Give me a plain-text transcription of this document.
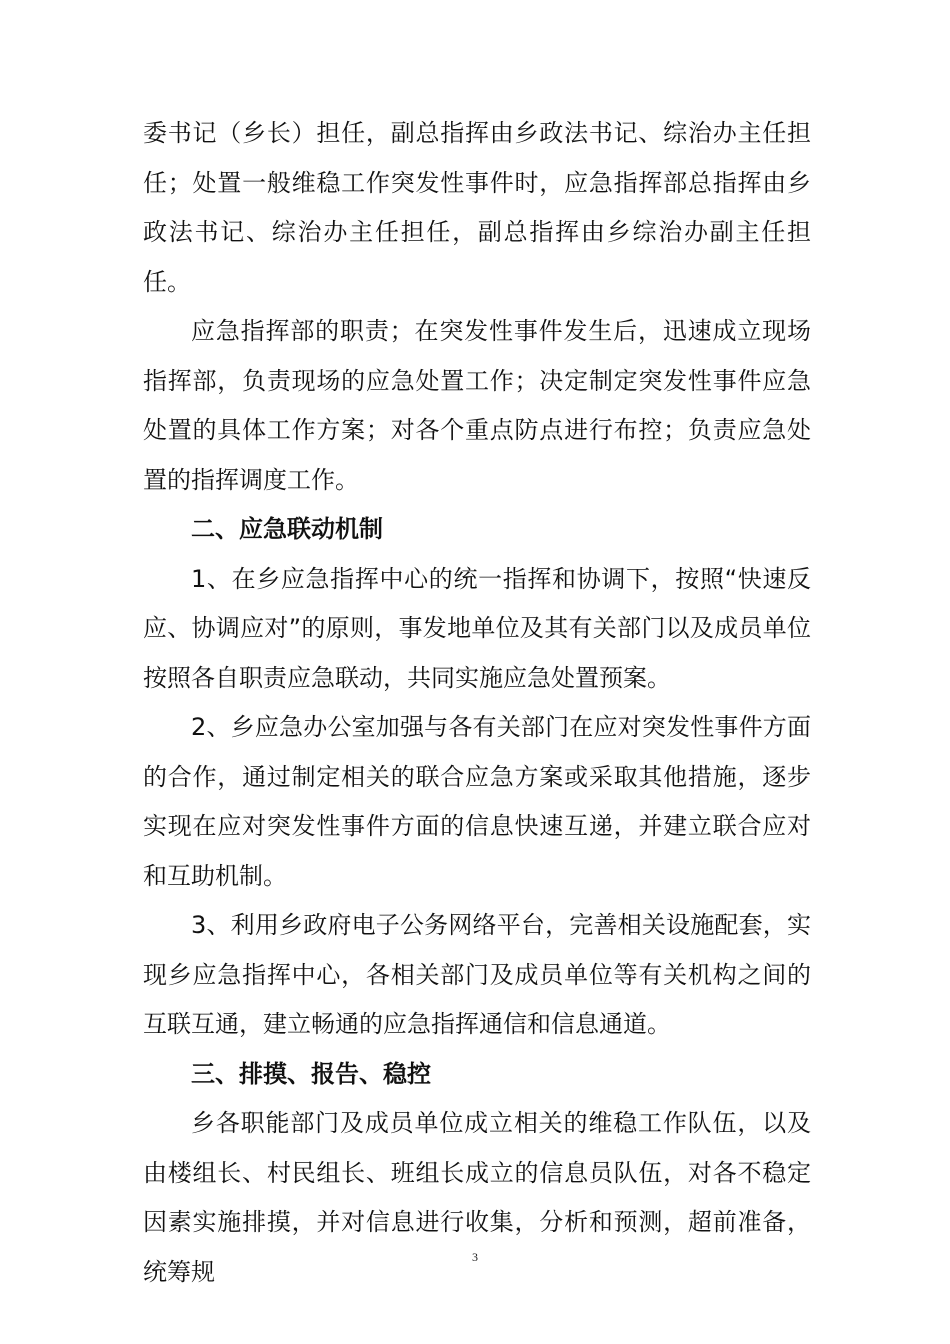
委书记（乡长）担任，副总指挥由乡政法书记、综治办主任担任；处置一般维稳工作突发性事件时，应急指挥部总指挥由乡政法书记、综治办主任担任，副总指挥由乡综治办副主任担任。

应急指挥部的职责；在突发性事件发生后，迅速成立现场指挥部，负责现场的应急处置工作；决定制定突发性事件应急处置的具体工作方案；对各个重点防点进行布控；负责应急处置的指挥调度工作。

二、应急联动机制

1、在乡应急指挥中心的统一指挥和协调下，按照“快速反应、协调应对”的原则，事发地单位及其有关部门以及成员单位按照各自职责应急联动，共同实施应急处置预案。

2、乡应急办公室加强与各有关部门在应对突发性事件方面的合作，通过制定相关的联合应急方案或采取其他措施，逐步实现在应对突发性事件方面的信息快速互递，并建立联合应对和互助机制。

3、利用乡政府电子公务网络平台，完善相关设施配套，实现乡应急指挥中心，各相关部门及成员单位等有关机构之间的互联互通，建立畅通的应急指挥通信和信息通道。

三、排摸、报告、稳控

乡各职能部门及成员单位成立相关的维稳工作队伍，以及由楼组长、村民组长、班组长成立的信息员队伍，对各不稳定因素实施排摸，并对信息进行收集，分析和预测，超前准备，统筹规

3
